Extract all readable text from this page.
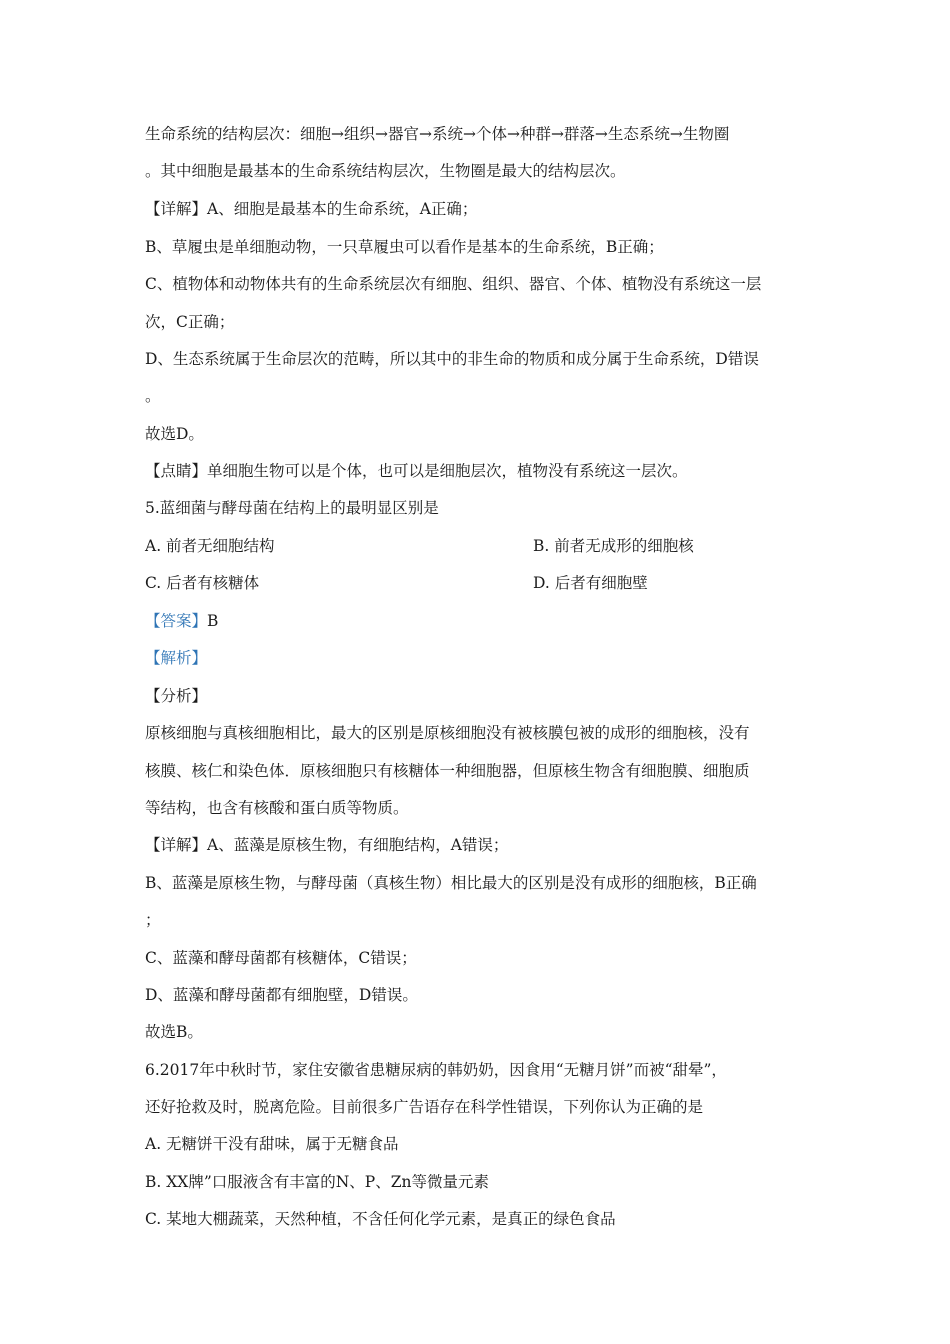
生命系统的结构层次：细胞→组织→器官→系统→个体→种群→群落→生态系统→生物圈
。其中细胞是最基本的生命系统结构层次，生物圈是最大的结构层次。
【详解】A、细胞是最基本的生命系统，A正确；
B、草履虫是单细胞动物，一只草履虫可以看作是基本的生命系统，B正确；
C、植物体和动物体共有的生命系统层次有细胞、组织、器官、个体、植物没有系统这一层
次，C正确；
D、生态系统属于生命层次的范畴，所以其中的非生命的物质和成分属于生命系统，D错误
。
故选D。
【点睛】单细胞生物可以是个体，也可以是细胞层次，植物没有系统这一层次。
5.蓝细菌与酵母菌在结构上的最明显区别是
A. 前者无细胞结构	B. 前者无成形的细胞核
C. 后者有核糖体	D. 后者有细胞壁
【答案】B
【解析】
【分析】
原核细胞与真核细胞相比，最大的区别是原核细胞没有被核膜包被的成形的细胞核，没有
核膜、核仁和染色体．原核细胞只有核糖体一种细胞器，但原核生物含有细胞膜、细胞质
等结构，也含有核酸和蛋白质等物质。
【详解】A、蓝藻是原核生物，有细胞结构，A错误；
B、蓝藻是原核生物，与酵母菌（真核生物）相比最大的区别是没有成形的细胞核，B正确
；
C、蓝藻和酵母菌都有核糖体，C错误；
D、蓝藻和酵母菌都有细胞壁，D错误。
故选B。
6.2017年中秋时节，家住安徽省患糖尿病的韩奶奶，因食用“无糖月饼”而被“甜晕”，
还好抢救及时，脱离危险。目前很多广告语存在科学性错误，下列你认为正确的是
A. 无糖饼干没有甜味，属于无糖食品
B. XX牌”口服液含有丰富的N、P、Zn等微量元素
C. 某地大棚蔬菜，天然种植，不含任何化学元素，是真正的绿色食品
